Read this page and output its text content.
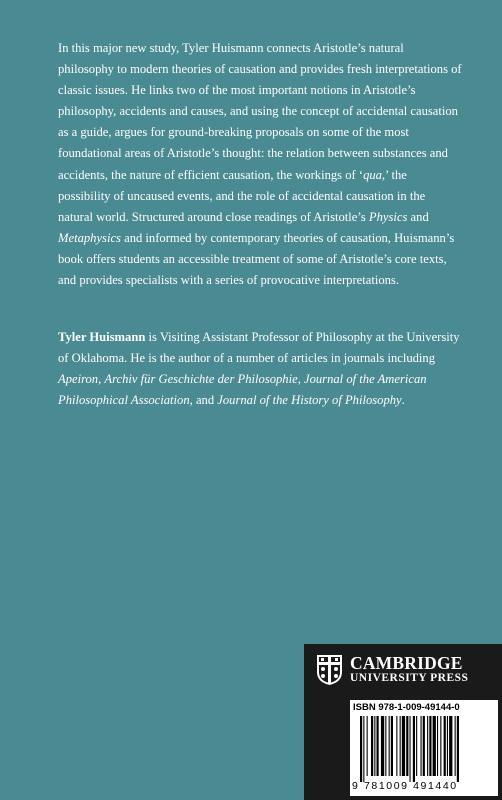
In this major new study, Tyler Huismann connects Aristotle’s natural philosophy to modern theories of causation and provides fresh interpretations of classic issues. He links two of the most important notions in Aristotle’s philosophy, accidents and causes, and using the concept of accidental causation as a guide, argues for ground-breaking proposals on some of the most foundational areas of Aristotle’s thought: the relation between substances and accidents, the nature of efficient causation, the workings of ‘qua,’ the possibility of uncaused events, and the role of accidental causation in the natural world. Structured around close readings of Aristotle’s Physics and Metaphysics and informed by contemporary theories of causation, Huismann’s book offers students an accessible treatment of some of Aristotle’s core texts, and provides specialists with a series of provocative interpretations.

Tyler Huismann is Visiting Assistant Professor of Philosophy at the University of Oklahoma. He is the author of a number of articles in journals including Apeiron, Archiv für Geschichte der Philosophie, Journal of the American Philosophical Association, and Journal of the History of Philosophy.

CAMBRIDGE
UNIVERSITY PRESS
ISBN 978-1-009-49144-0
9 781009 491440
